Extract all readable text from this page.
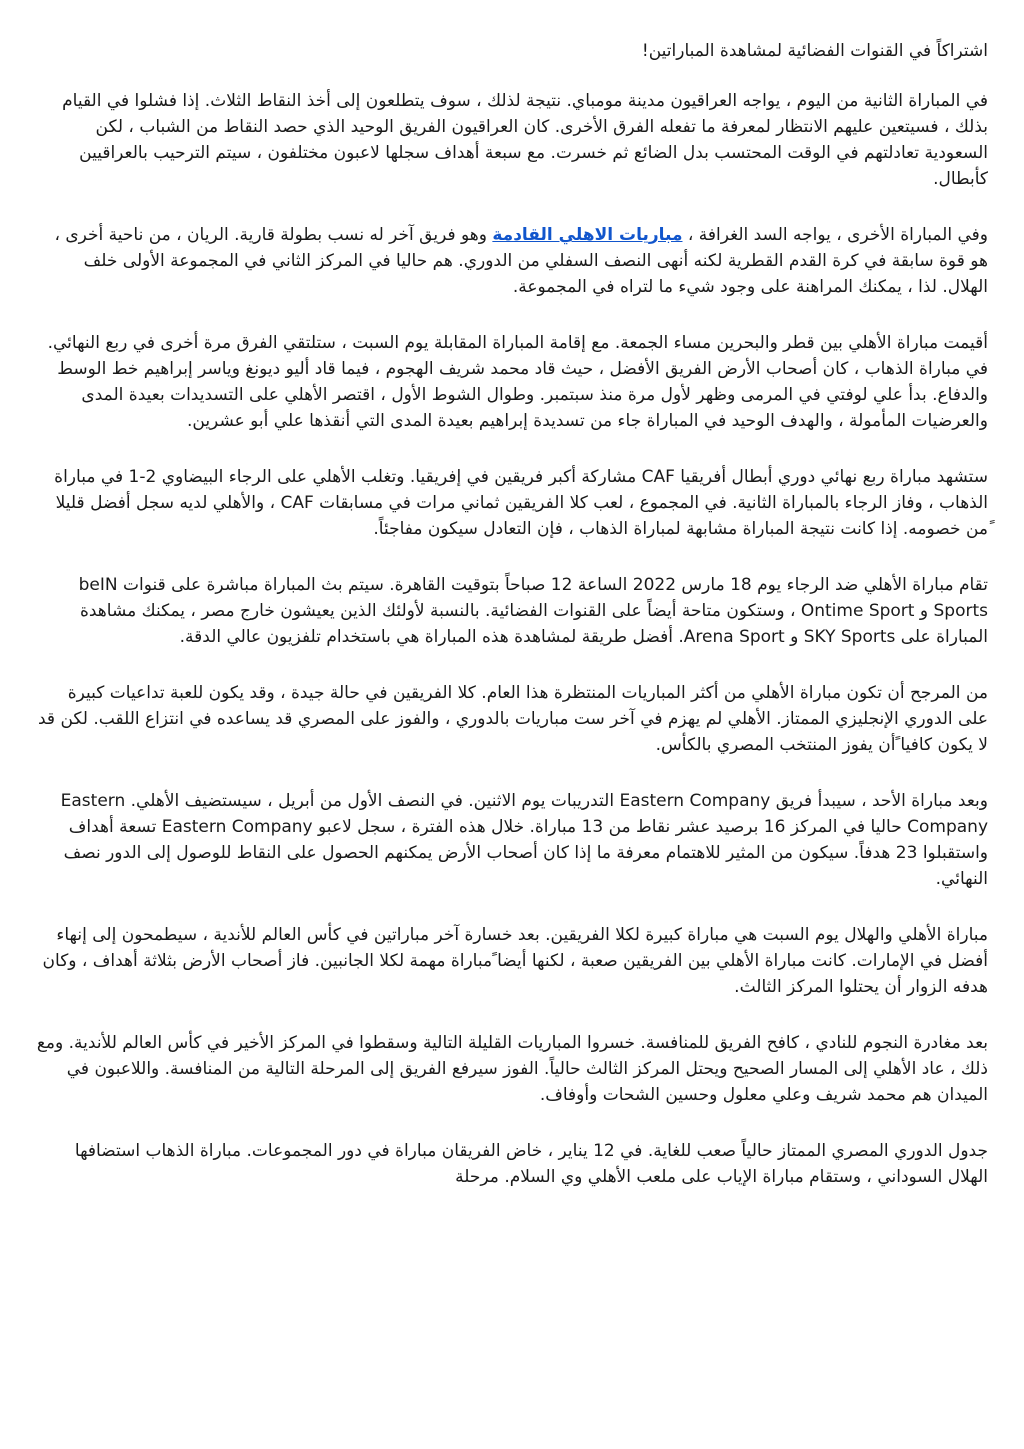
اشتراكاً في القنوات الفضائية لمشاهدة المباراتين!

في المباراة الثانية من اليوم ، يواجه العراقيون مدينة مومباي. نتيجة لذلك ، سوف يتطلعون إلى أخذ النقاط الثلاث. إذا فشلوا في القيام بذلك ، فسيتعين عليهم الانتظار لمعرفة ما تفعله الفرق الأخرى. كان العراقيون الفريق الوحيد الذي حصد النقاط من الشباب ، لكن السعودية تعادلتهم في الوقت المحتسب بدل الضائع ثم خسرت. مع سبعة أهداف سجلها لاعبون مختلفون ، سيتم الترحيب بالعراقيين كأبطال.

وفي المباراة الأخرى ، يواجه السد الغرافة ، مباريات الاهلي القادمة وهو فريق آخر له نسب بطولة قارية. الريان ، من ناحية أخرى ، هو قوة سابقة في كرة القدم القطرية لكنه أنهى النصف السفلي من الدوري. هم حاليا في المركز الثاني في المجموعة الأولى خلف الهلال. لذا ، يمكنك المراهنة على وجود شيء ما لتراه في المجموعة.

أقيمت مباراة الأهلي بين قطر والبحرين مساء الجمعة. مع إقامة المباراة المقابلة يوم السبت ، ستلتقي الفرق مرة أخرى في ربع النهائي. في مباراة الذهاب ، كان أصحاب الأرض الفريق الأفضل ، حيث قاد محمد شريف الهجوم ، فيما قاد أليو ديونغ وياسر إبراهيم خط الوسط والدفاع. بدأ علي لوفتي في المرمى وظهر لأول مرة منذ سبتمبر. وطوال الشوط الأول ، اقتصر الأهلي على التسديدات بعيدة المدى والعرضيات المأمولة ، والهدف الوحيد في المباراة جاء من تسديدة إبراهيم بعيدة المدى التي أنقذها علي أبو عشرين.

ستشهد مباراة ربع نهائي دوري أبطال أفريقيا CAF مشاركة أكبر فريقين في إفريقيا. وتغلب الأهلي على الرجاء البيضاوي 2-1 في مباراة الذهاب ، وفاز الرجاء بالمباراة الثانية. في المجموع ، لعب كلا الفريقين ثماني مرات في مسابقات CAF ، والأهلي لديه سجل أفضل قليلا ًمن خصومه. إذا كانت نتيجة المباراة مشابهة لمباراة الذهاب ، فإن التعادل سيكون مفاجئاً.

تقام مباراة الأهلي ضد الرجاء يوم 18 مارس 2022 الساعة 12 صباحاً بتوقيت القاهرة. سيتم بث المباراة مباشرة على قنوات beIN Sports و Ontime Sport ، وستكون متاحة أيضاً على القنوات الفضائية. بالنسبة لأولئك الذين يعيشون خارج مصر ، يمكنك مشاهدة المباراة على SKY Sports و Arena Sport. أفضل طريقة لمشاهدة هذه المباراة هي باستخدام تلفزيون عالي الدقة.

من المرجح أن تكون مباراة الأهلي من أكثر المباريات المنتظرة هذا العام. كلا الفريقين في حالة جيدة ، وقد يكون للعبة تداعيات كبيرة على الدوري الإنجليزي الممتاز. الأهلي لم يهزم في آخر ست مباريات بالدوري ، والفوز على المصري قد يساعده في انتزاع اللقب. لكن قد لا يكون كافيا ًأن يفوز المنتخب المصري بالكأس.

وبعد مباراة الأحد ، سيبدأ فريق Eastern Company التدريبات يوم الاثنين. في النصف الأول من أبريل ، سيستضيف الأهلي. Eastern Company حاليا في المركز 16 برصيد عشر نقاط من 13 مباراة. خلال هذه الفترة ، سجل لاعبو Eastern Company تسعة أهداف واستقبلوا 23 هدفاً. سيكون من المثير للاهتمام معرفة ما إذا كان أصحاب الأرض يمكنهم الحصول على النقاط للوصول إلى الدور نصف النهائي.

مباراة الأهلي والهلال يوم السبت هي مباراة كبيرة لكلا الفريقين. بعد خسارة آخر مباراتين في كأس العالم للأندية ، سيطمحون إلى إنهاء أفضل في الإمارات. كانت مباراة الأهلي بين الفريقين صعبة ، لكنها أيضا ًمباراة مهمة لكلا الجانبين. فاز أصحاب الأرض بثلاثة أهداف ، وكان هدفه الزوار أن يحتلوا المركز الثالث.

بعد مغادرة النجوم للنادي ، كافح الفريق للمنافسة. خسروا المباريات القليلة التالية وسقطوا في المركز الأخير في كأس العالم للأندية. ومع ذلك ، عاد الأهلي إلى المسار الصحيح ويحتل المركز الثالث حالياً. الفوز سيرفع الفريق إلى المرحلة التالية من المنافسة. واللاعبون في الميدان هم محمد شريف وعلي معلول وحسين الشحات وأوفاف.

جدول الدوري المصري الممتاز حالياً صعب للغاية. في 12 يناير ، خاض الفريقان مباراة في دور المجموعات. مباراة الذهاب استضافها الهلال السوداني ، وستقام مباراة الإياب على ملعب الأهلي وي السلام. مرحلة
